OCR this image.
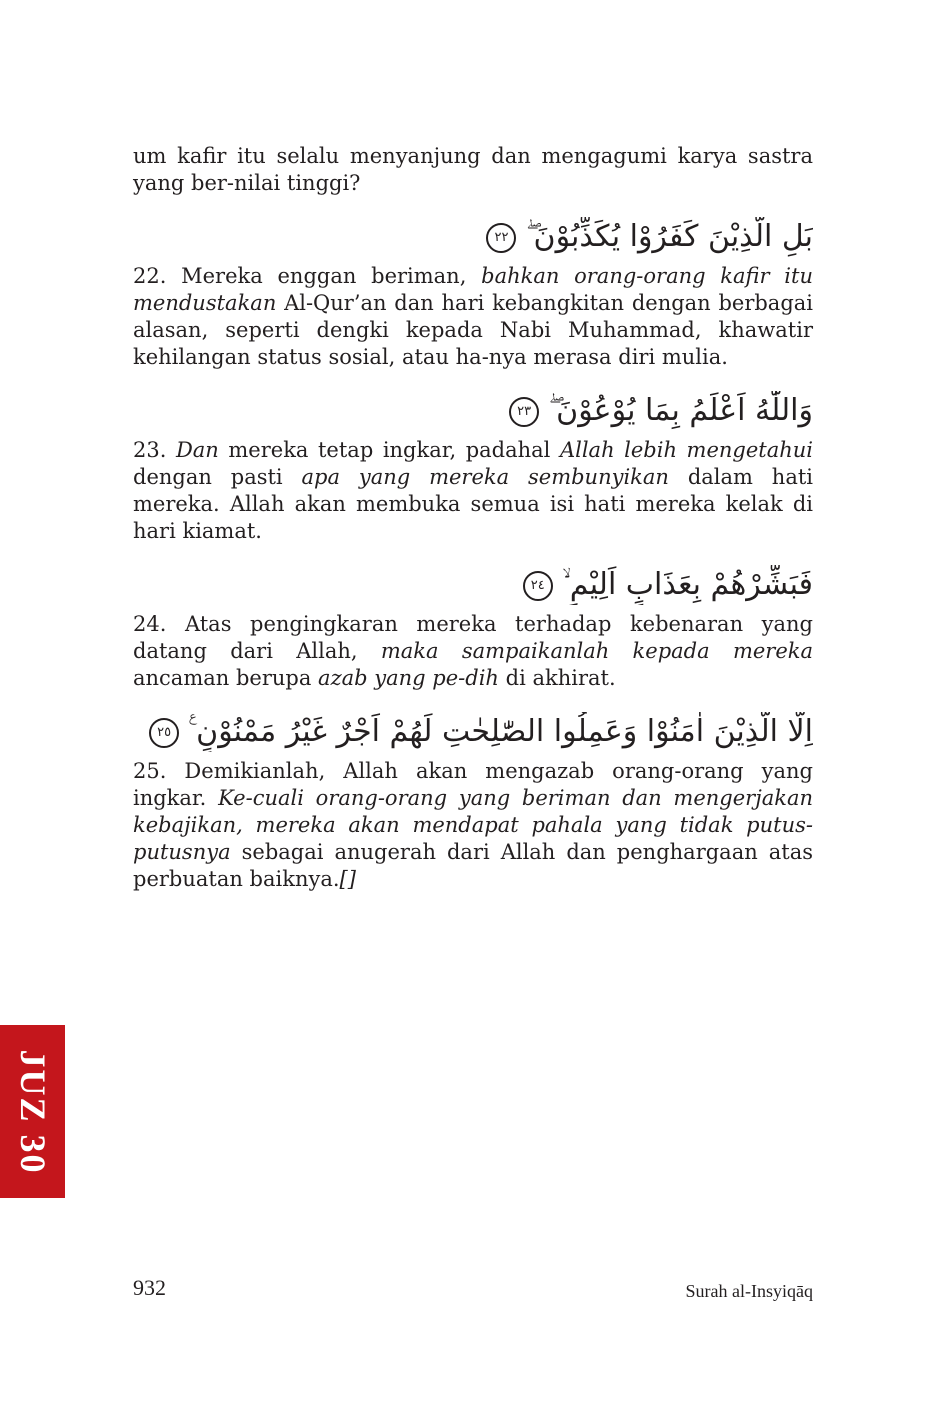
um kafir itu selalu menyanjung dan mengagumi karya sastra yang ber-nilai tinggi?

بَلِ الَّذِيْنَ كَفَرُوْا يُكَذِّبُوْنَ ۖ ٢٢

22. Mereka enggan beriman, bahkan orang-orang kafir itu mendustakan Al-Qur’an dan hari kebangkitan dengan berbagai alasan, seperti dengki kepada Nabi Muhammad, khawatir kehilangan status sosial, atau ha-nya merasa diri mulia.

وَاللّٰهُ اَعْلَمُ بِمَا يُوْعُوْنَ ۖ ٢٣

23. Dan mereka tetap ingkar, padahal Allah lebih mengetahui dengan pasti apa yang mereka sembunyikan dalam hati mereka. Allah akan membuka semua isi hati mereka kelak di hari kiamat.

فَبَشِّرْهُمْ بِعَذَابٍ اَلِيْمٍ ۙ ٢٤

24. Atas pengingkaran mereka terhadap kebenaran yang datang dari Allah, maka sampaikanlah kepada mereka ancaman berupa azab yang pe-dih di akhirat.

اِلَّا الَّذِيْنَ اٰمَنُوْا وَعَمِلُوا الصّٰلِحٰتِ لَهُمْ اَجْرٌ غَيْرُ مَمْنُوْنٍ ࣖ ٢٥

25. Demikianlah, Allah akan mengazab orang-orang yang ingkar. Ke-cuali orang-orang yang beriman dan mengerjakan kebajikan, mereka akan mendapat pahala yang tidak putus-putusnya sebagai anugerah dari Allah dan penghargaan atas perbuatan baiknya.[]

JUZ 30
932	Surah al-Insyiqāq
